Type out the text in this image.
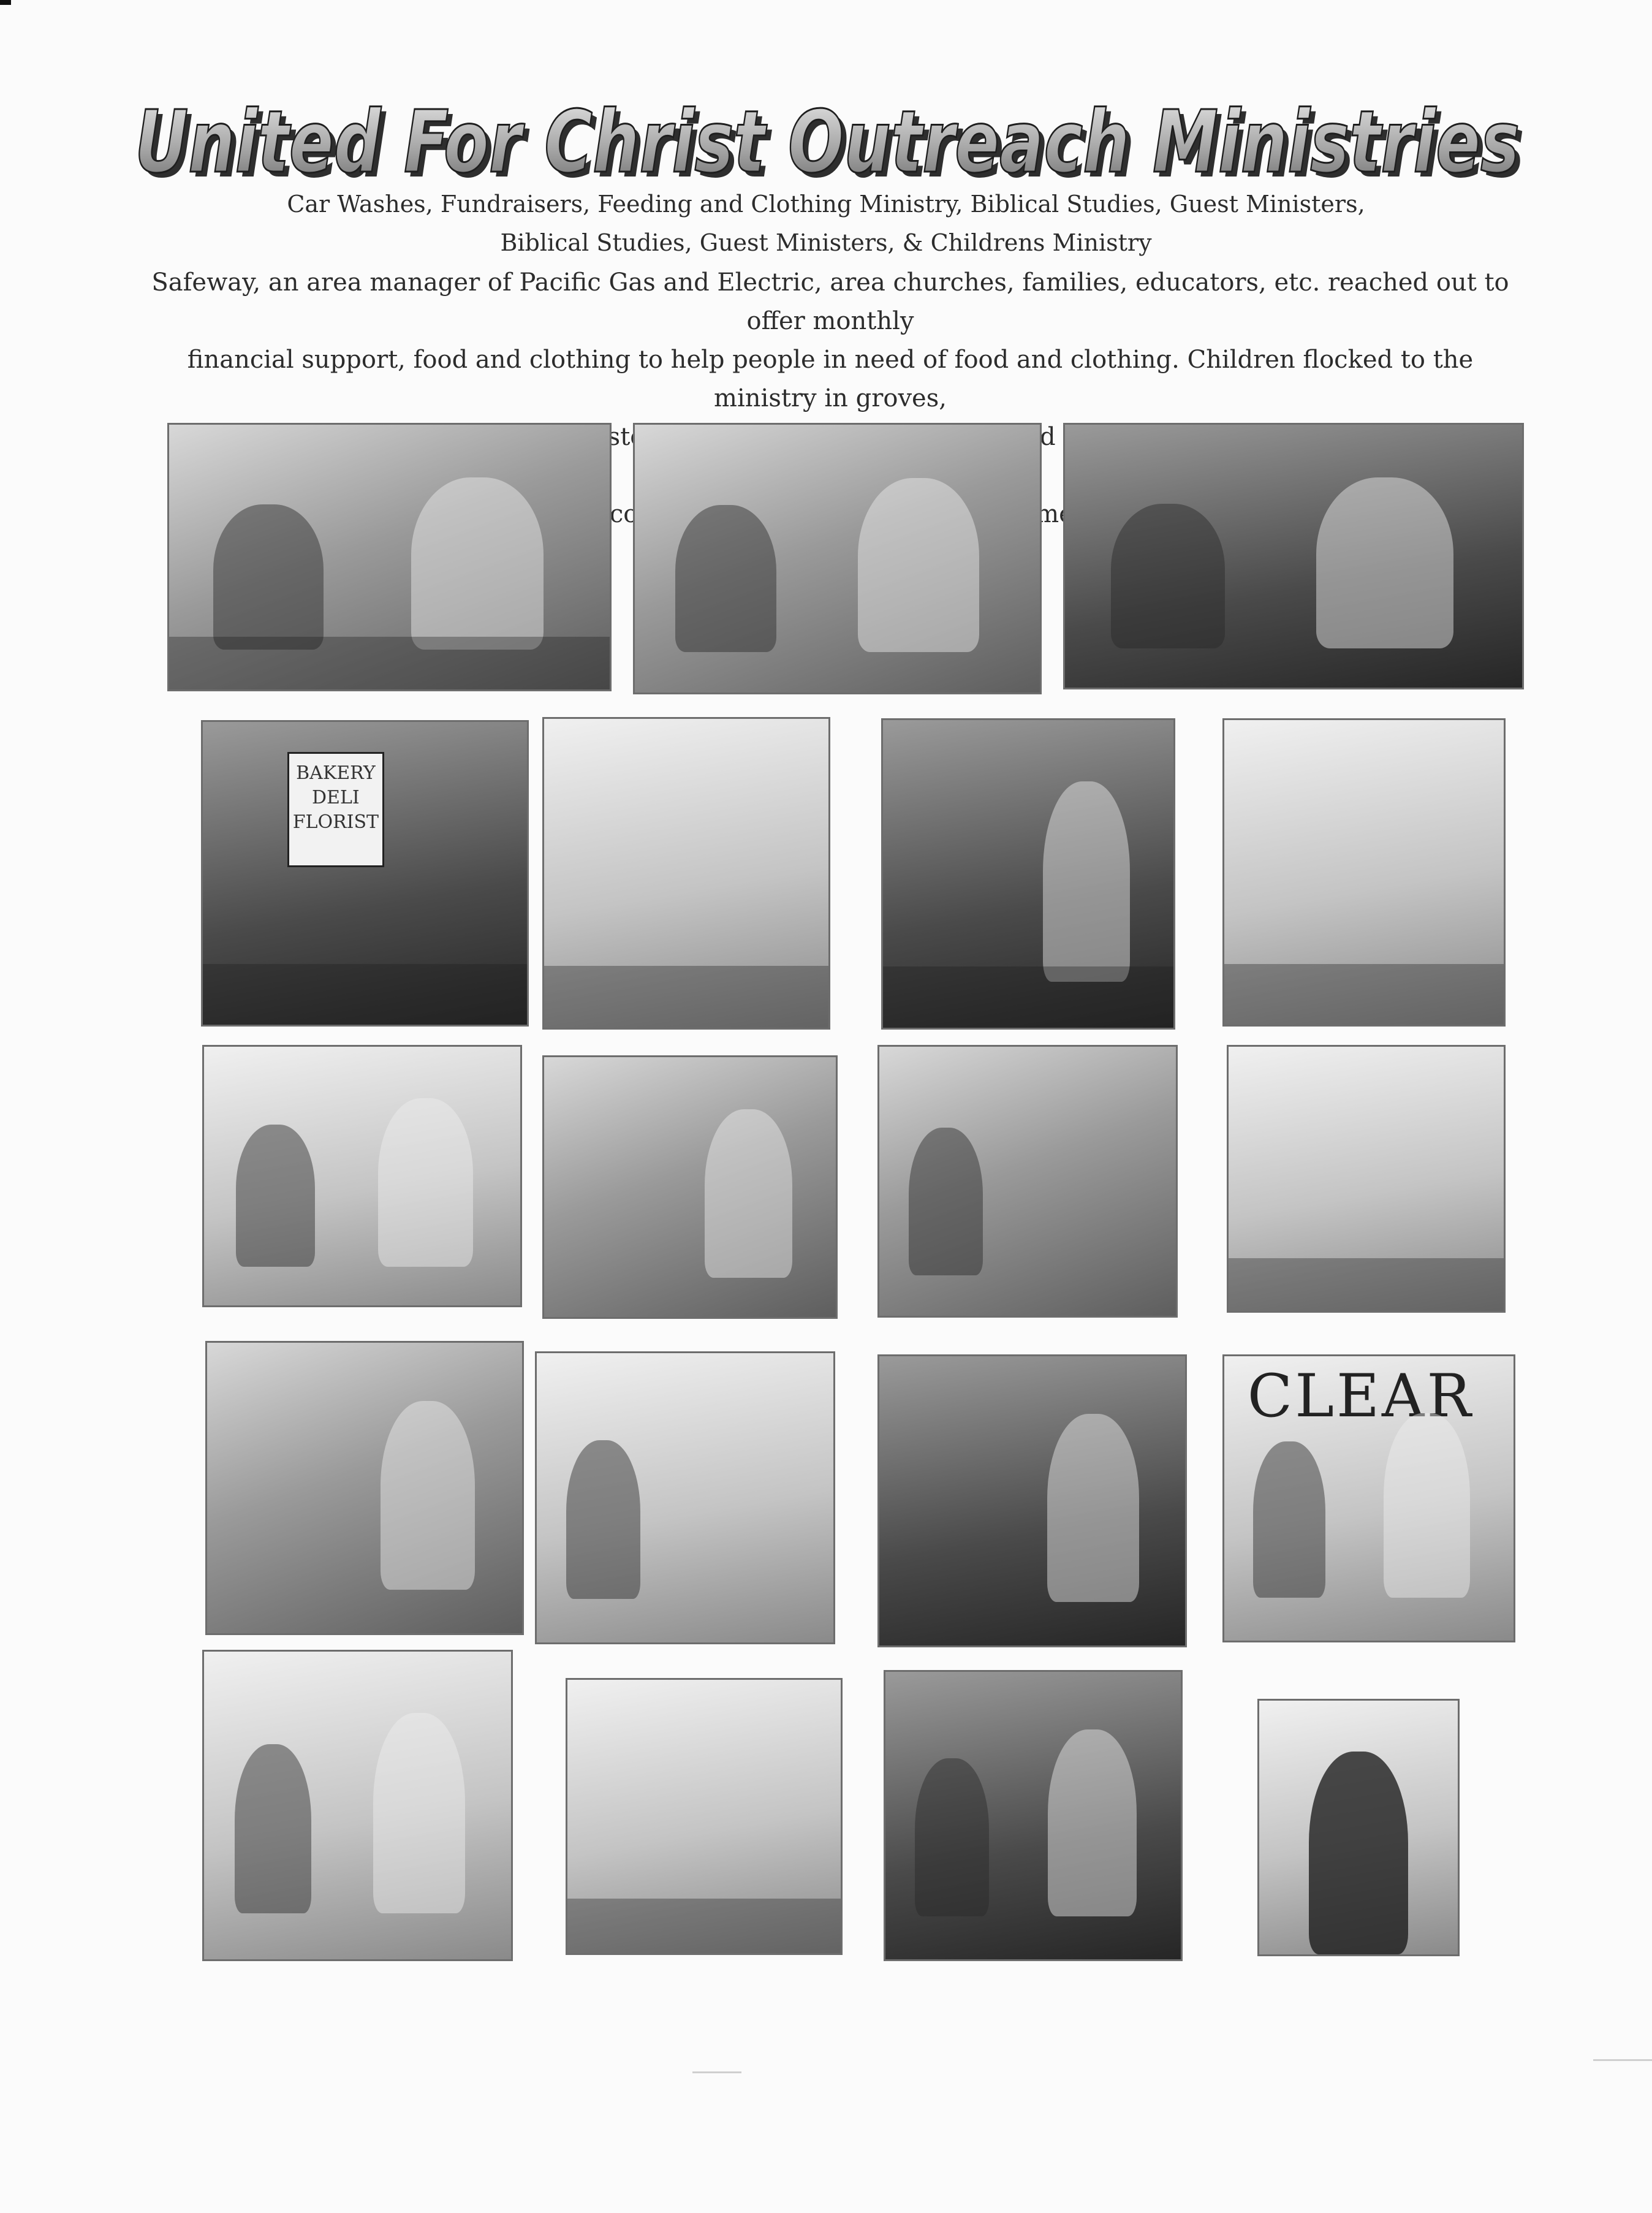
United For Christ Outreach Ministries
United For Christ Outreach Ministries
Car Washes, Fundraisers, Feeding and Clothing Ministry, Biblical Studies, Guest Ministers,
Biblical Studies, Guest Ministers, & Childrens Ministry
Safeway, an area manager of Pacific Gas and Electric, area churches, families, educators, etc. reached out to offer monthly
financial support, food and clothing to help people in need of food and clothing. Children flocked to the ministry in groves,
home.
BAKERY
DELI
FLORIST
CLEAR
